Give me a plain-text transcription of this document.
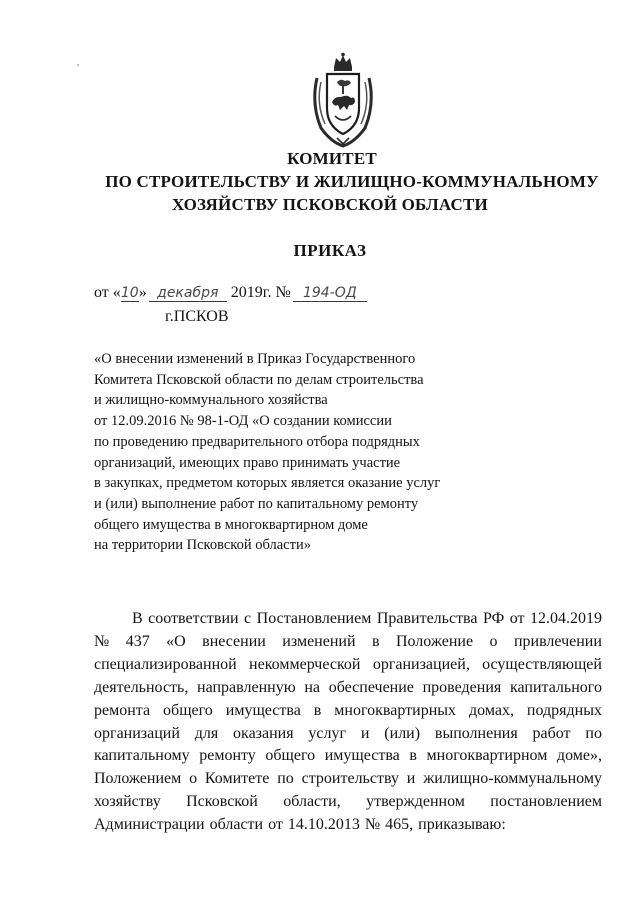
КОМИТЕТ
ПО СТРОИТЕЛЬСТВУ И ЖИЛИЩНО-КОММУНАЛЬНОМУ
ХОЗЯЙСТВУ ПСКОВСКОЙ ОБЛАСТИ
ПРИКАЗ
от «10» декабря 2019г. № 194-ОД
г.ПСКОВ
«О внесении изменений в Приказ Государственного
Комитета Псковской области по делам строительства
и жилищно-коммунального хозяйства
от 12.09.2016 № 98-1-ОД «О создании комиссии
по проведению предварительного отбора подрядных
организаций, имеющих право принимать участие
в закупках, предметом которых является оказание услуг
и (или) выполнение работ по капитальному ремонту
общего имущества в многоквартирном доме
на территории Псковской области»
В соответствии с Постановлением Правительства РФ от 12.04.2019
№ 437 «О внесении изменений в Положение о привлечении
специализированной некоммерческой организацией, осуществляющей
деятельность, направленную на обеспечение проведения капитального
ремонта общего имущества в многоквартирных домах, подрядных
организаций для оказания услуг и (или) выполнения работ по
капитальному ремонту общего имущества в многоквартирном доме»,
Положением о Комитете по строительству и жилищно-коммунальному
хозяйству Псковской области, утвержденном постановлением
Администрации области от 14.10.2013 № 465, приказываю:
